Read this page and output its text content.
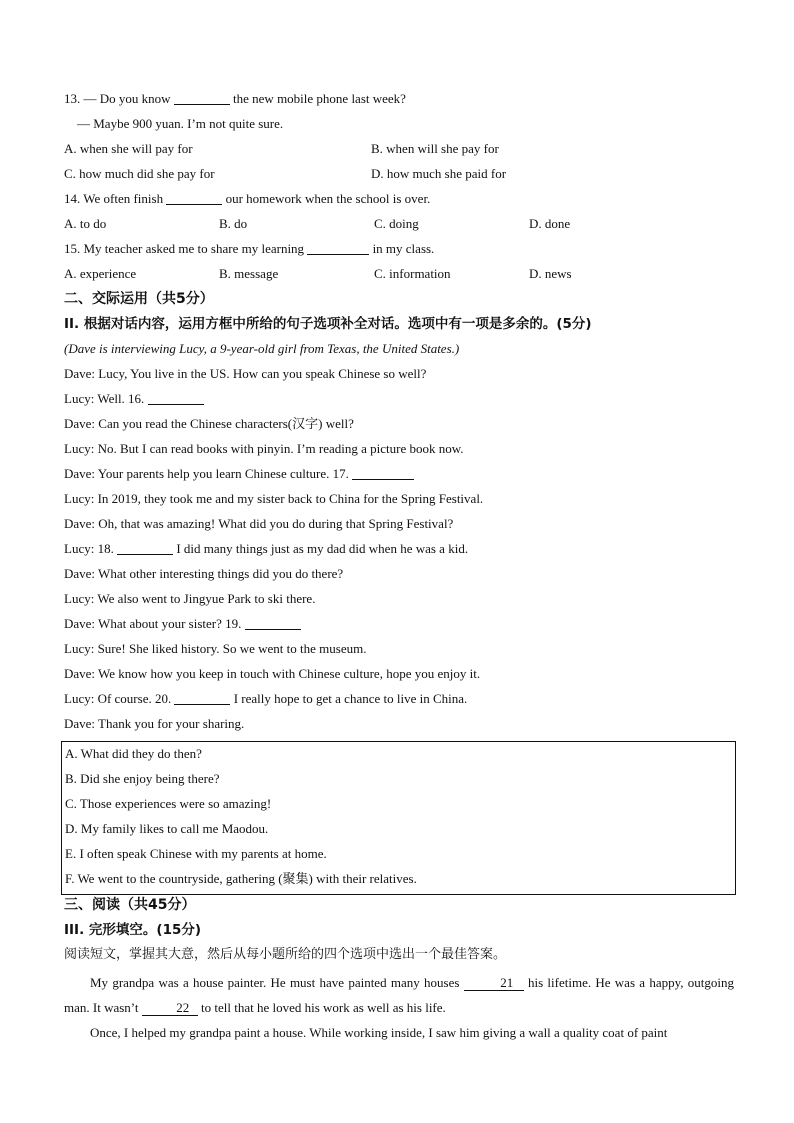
13. — Do you know	the new mobile phone last week?
— Maybe 900 yuan. I’m not quite sure.
A. when she will pay for	B. when will she pay for
C. how much did she pay for	D. how much she paid for
14. We often finish	our homework when the school is over.
A. to do	B. do	C. doing	D. done
15. My teacher asked me to share my learning	in my class.
A. experience	B. message	C. information	D. news
二、交际运用（共5分）
II. 根据对话内容，运用方框中所给的句子选项补全对话。选项中有一项是多余的。(5分)
(Dave is interviewing Lucy, a 9-year-old girl from Texas, the United States.)
Dave: Lucy, You live in the US. How can you speak Chinese so well?
Lucy: Well. 16.
Dave: Can you read the Chinese characters(汉字) well?
Lucy: No. But I can read books with pinyin. I’m reading a picture book now.
Dave: Your parents help you learn Chinese culture. 17.
Lucy: In 2019, they took me and my sister back to China for the Spring Festival.
Dave: Oh, that was amazing! What did you do during that Spring Festival?
Lucy: 18.	I did many things just as my dad did when he was a kid.
Dave: What other interesting things did you do there?
Lucy: We also went to Jingyue Park to ski there.
Dave: What about your sister? 19.
Lucy: Sure! She liked history. So we went to the museum.
Dave: We know how you keep in touch with Chinese culture, hope you enjoy it.
Lucy: Of course. 20.	I really hope to get a chance to live in China.
Dave: Thank you for your sharing.
A. What did they do then?
B. Did she enjoy being there?
C. Those experiences were so amazing!
D. My family likes to call me Maodou.
E. I often speak Chinese with my parents at home.
F. We went to the countryside, gathering (聚集) with their relatives.
三、阅读（共45分）
III. 完形填空。(15分)
阅读短文，掌握其大意，然后从每小题所给的四个选项中选出一个最佳答案。
My grandpa was a house painter. He must have painted many houses	21 his lifetime. He was a happy, outgoing man. It wasn’t	22 to tell that he loved his work as well as his life.
Once, I helped my grandpa paint a house. While working inside, I saw him giving a wall a quality coat of paint
